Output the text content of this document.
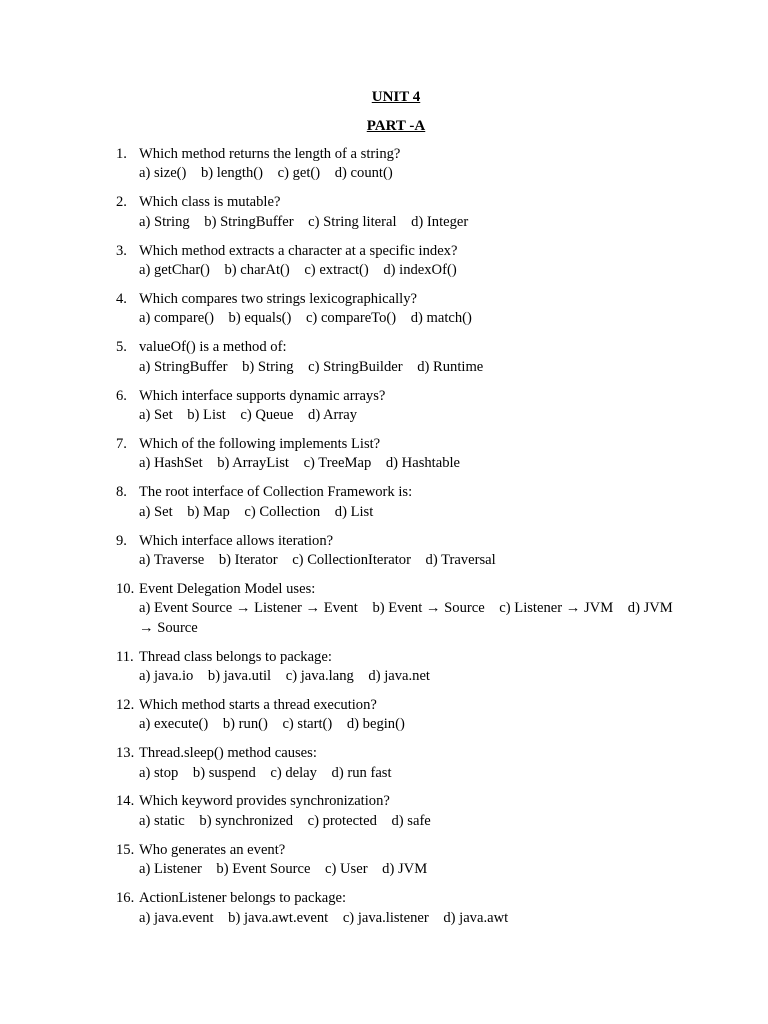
UNIT 4
PART -A
1. Which method returns the length of a string?
a) size() b) length() c) get() d) count()
2. Which class is mutable?
a) String b) StringBuffer c) String literal d) Integer
3. Which method extracts a character at a specific index?
a) getChar() b) charAt() c) extract() d) indexOf()
4. Which compares two strings lexicographically?
a) compare() b) equals() c) compareTo() d) match()
5. valueOf() is a method of:
a) StringBuffer b) String c) StringBuilder d) Runtime
6. Which interface supports dynamic arrays?
a) Set b) List c) Queue d) Array
7. Which of the following implements List?
a) HashSet b) ArrayList c) TreeMap d) Hashtable
8. The root interface of Collection Framework is:
a) Set b) Map c) Collection d) List
9. Which interface allows iteration?
a) Traverse b) Iterator c) CollectionIterator d) Traversal
10. Event Delegation Model uses:
a) Event Source → Listener → Event b) Event → Source c) Listener → JVM d) JVM → Source
11. Thread class belongs to package:
a) java.io b) java.util c) java.lang d) java.net
12. Which method starts a thread execution?
a) execute() b) run() c) start() d) begin()
13. Thread.sleep() method causes:
a) stop b) suspend c) delay d) run fast
14. Which keyword provides synchronization?
a) static b) synchronized c) protected d) safe
15. Who generates an event?
a) Listener b) Event Source c) User d) JVM
16. ActionListener belongs to package:
a) java.event b) java.awt.event c) java.listener d) java.awt
